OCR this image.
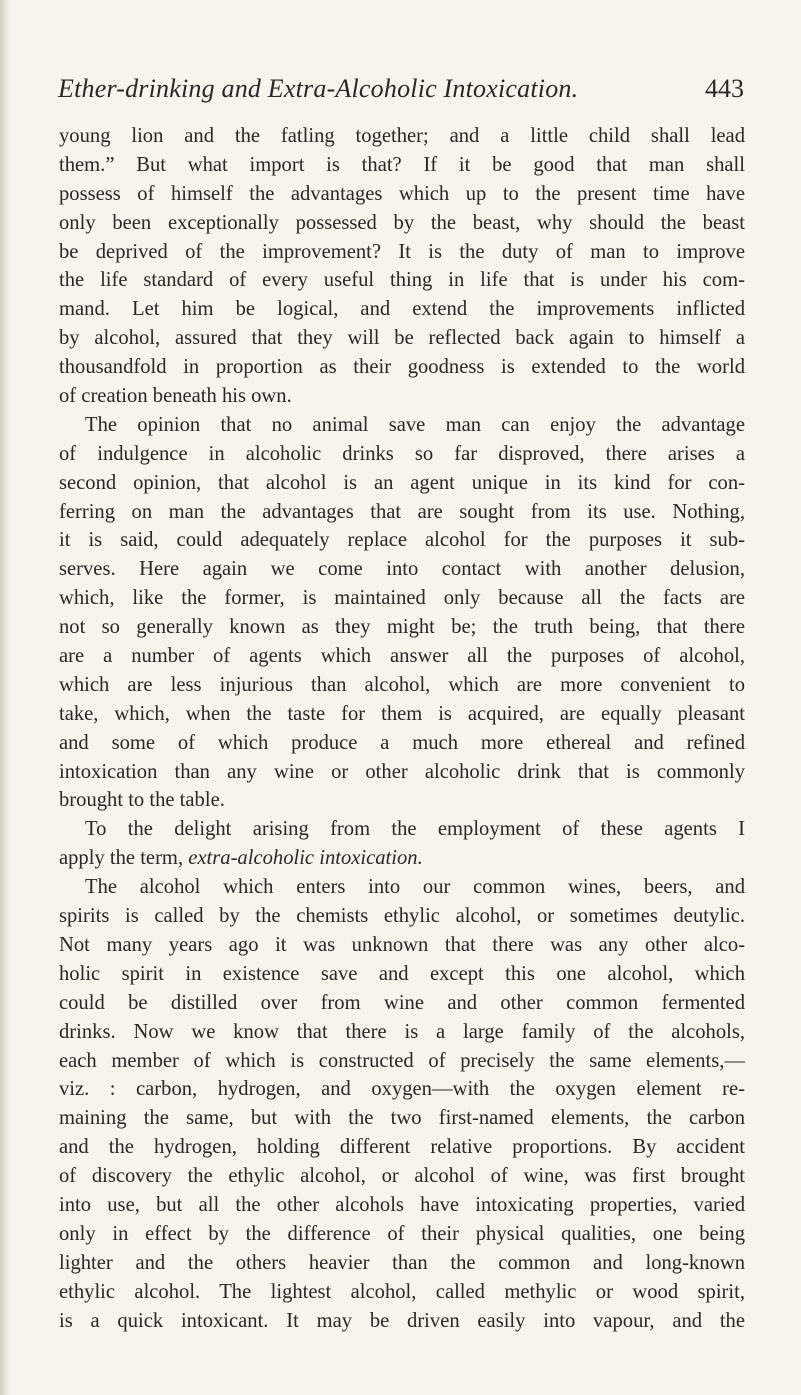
Ether-drinking and Extra-Alcoholic Intoxication.	443
young lion and the fatling together; and a little child shall lead
them.” But what import is that? If it be good that man shall
possess of himself the advantages which up to the present time have
only been exceptionally possessed by the beast, why should the beast
be deprived of the improvement? It is the duty of man to improve
the life standard of every useful thing in life that is under his com-
mand. Let him be logical, and extend the improvements inflicted
by alcohol, assured that they will be reflected back again to himself a
thousandfold in proportion as their goodness is extended to the world
of creation beneath his own.
The opinion that no animal save man can enjoy the advantage
of indulgence in alcoholic drinks so far disproved, there arises a
second opinion, that alcohol is an agent unique in its kind for con-
ferring on man the advantages that are sought from its use. Nothing,
it is said, could adequately replace alcohol for the purposes it sub-
serves. Here again we come into contact with another delusion,
which, like the former, is maintained only because all the facts are
not so generally known as they might be; the truth being, that there
are a number of agents which answer all the purposes of alcohol,
which are less injurious than alcohol, which are more convenient to
take, which, when the taste for them is acquired, are equally pleasant
and some of which produce a much more ethereal and refined
intoxication than any wine or other alcoholic drink that is commonly
brought to the table.
To the delight arising from the employment of these agents I
apply the term, extra-alcoholic intoxication.
The alcohol which enters into our common wines, beers, and
spirits is called by the chemists ethylic alcohol, or sometimes deutylic.
Not many years ago it was unknown that there was any other alco-
holic spirit in existence save and except this one alcohol, which
could be distilled over from wine and other common fermented
drinks. Now we know that there is a large family of the alcohols,
each member of which is constructed of precisely the same elements,—
viz. : carbon, hydrogen, and oxygen—with the oxygen element re-
maining the same, but with the two first-named elements, the carbon
and the hydrogen, holding different relative proportions. By accident
of discovery the ethylic alcohol, or alcohol of wine, was first brought
into use, but all the other alcohols have intoxicating properties, varied
only in effect by the difference of their physical qualities, one being
lighter and the others heavier than the common and long-known
ethylic alcohol. The lightest alcohol, called methylic or wood spirit,
is a quick intoxicant. It may be driven easily into vapour, and the
